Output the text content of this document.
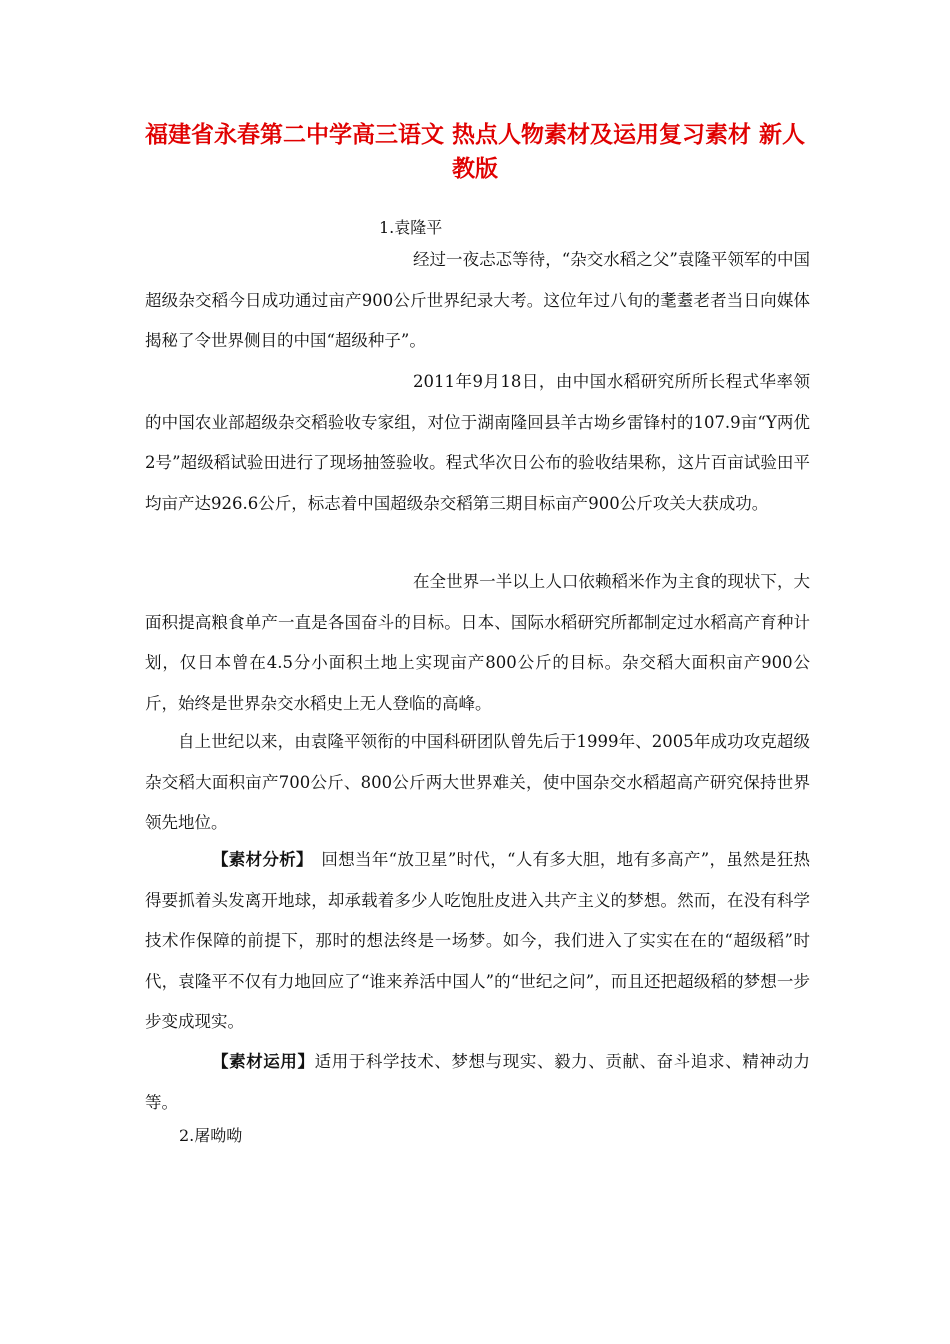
福建省永春第二中学高三语文 热点人物素材及运用复习素材 新人教版

1.袁隆平

经过一夜忐忑等待，“杂交水稻之父”袁隆平领军的中国超级杂交稻今日成功通过亩产900公斤世界纪录大考。这位年过八旬的耄耋老者当日向媒体揭秘了令世界侧目的中国“超级种子”。

2011年9月18日，由中国水稻研究所所长程式华率领的中国农业部超级杂交稻验收专家组，对位于湖南隆回县羊古坳乡雷锋村的107.9亩“Y两优2号”超级稻试验田进行了现场抽签验收。程式华次日公布的验收结果称，这片百亩试验田平均亩产达926.6公斤，标志着中国超级杂交稻第三期目标亩产900公斤攻关大获成功。

在全世界一半以上人口依赖稻米作为主食的现状下，大面积提高粮食单产一直是各国奋斗的目标。日本、国际水稻研究所都制定过水稻高产育种计划，仅日本曾在4.5分小面积土地上实现亩产800公斤的目标。杂交稻大面积亩产900公斤，始终是世界杂交水稻史上无人登临的高峰。

自上世纪以来，由袁隆平领衔的中国科研团队曾先后于1999年、2005年成功攻克超级杂交稻大面积亩产700公斤、800公斤两大世界难关，使中国杂交水稻超高产研究保持世界领先地位。

【素材分析】　回想当年“放卫星”时代，“人有多大胆，地有多高产”，虽然是狂热得要抓着头发离开地球，却承载着多少人吃饱肚皮进入共产主义的梦想。然而，在没有科学技术作保障的前提下，那时的想法终是一场梦。如今，我们进入了实实在在的“超级稻”时代，袁隆平不仅有力地回应了“谁来养活中国人”的“世纪之问”，而且还把超级稻的梦想一步步变成现实。

【素材运用】适用于科学技术、梦想与现实、毅力、贡献、奋斗追求、精神动力等。

2.屠呦呦
